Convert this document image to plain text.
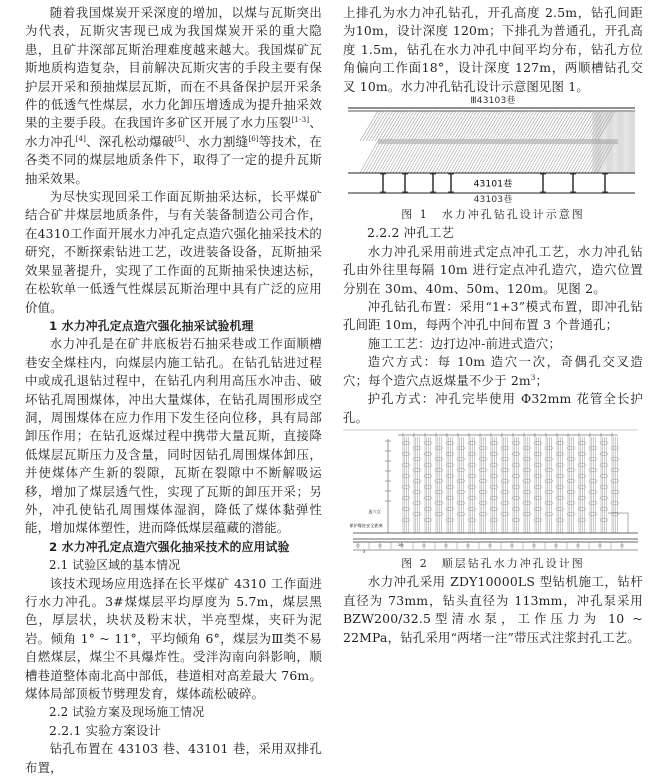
随着我国煤炭开采深度的增加，以煤与瓦斯突出为代表，瓦斯灾害现已成为我国煤炭开采的重大隐患，且矿井深部瓦斯治理难度越来越大。我国煤矿瓦斯地质构造复杂，目前解决瓦斯灾害的手段主要有保护层开采和预抽煤层瓦斯，而在不具备保护层开采条件的低透气性煤层，水力化卸压增透成为提升抽采效果的主要手段。在我国许多矿区开展了水力压裂[1-3]、水力冲孔[4]、深孔松动爆破[5]、水力割缝[6]等技术，在各类不同的煤层地质条件下，取得了一定的提升瓦斯抽采效果。

为尽快实现回采工作面瓦斯抽采达标，长平煤矿结合矿井煤层地质条件，与有关装备制造公司合作，在4310工作面开展水力冲孔定点造穴强化抽采技术的研究，不断探索钻进工艺，改进装备设备，瓦斯抽采效果显著提升，实现了工作面的瓦斯抽采快速达标，在松软单一低透气性煤层瓦斯治理中具有广泛的应用价值。

1 水力冲孔定点造穴强化抽采试验机理

水力冲孔是在矿井底板岩石抽采巷或工作面顺槽巷安全煤柱内，向煤层内施工钻孔。在钻孔钻进过程中或成孔退钻过程中，在钻孔内利用高压水冲击、破坏钻孔周围煤体，冲出大量煤体，在钻孔周围形成空洞，周围煤体在应力作用下发生径向位移，具有局部卸压作用；在钻孔返煤过程中携带大量瓦斯，直接降低煤层瓦斯压力及含量，同时因钻孔周围煤体卸压，并使煤体产生新的裂隙，瓦斯在裂隙中不断解吸运移，增加了煤层透气性，实现了瓦斯的卸压开采；另外，冲孔使钻孔周围煤体湿润，降低了煤体黏弹性能，增加煤体塑性，进而降低煤层蕴藏的潜能。

2 水力冲孔定点造穴强化抽采技术的应用试验

2.1 试验区域的基本情况

该技术现场应用选择在长平煤矿 4310 工作面进行水力冲孔。3#煤煤层平均厚度为 5.7m，煤层黑色，厚层状，块状及粉末状，半亮型煤，夹矸为泥岩。倾角 1° ~ 11°，平均倾角 6°，煤层为Ⅲ类不易自燃煤层，煤尘不具爆炸性。受泮沟南向斜影响，顺槽巷道整体南北高中部低，巷道相对高差最大 76m。煤体局部顶板节劈理发育，煤体疏松破碎。

2.2 试验方案及现场施工情况

2.2.1 实验方案设计

钻孔布置在 43103 巷、43101 巷，采用双排孔布置，

上排孔为水力冲孔钻孔，开孔高度 2.5m，钻孔间距为10m，设计深度 120m；下排孔为普通孔，开孔高度 1.5m，钻孔在水力冲孔中间平均分布，钻孔方位角偏向工作面18°，设计深度 127m，两顺槽钻孔交叉 10m。水力冲孔钻孔设计示意图见图 1。

Ⅲ43103巷
43101巷
43103巷
图 1　水力冲孔钻孔设计示意图

2.2.2 冲孔工艺

水力冲孔采用前进式定点冲孔工艺，水力冲孔钻孔由外往里每隔 10m 进行定点冲孔造穴，造穴位置分别在 30m、40m、50m、120m。见图 2。

冲孔钻孔布置：采用“1+3”模式布置，即冲孔钻孔间距 10m，每两个冲孔中间布置 3 个普通孔；

施工工艺：边打边冲-前进式造穴；

造穴方式：每 10m 造穴一次，奇偶孔交叉造穴；每个造穴点返煤量不少于 $2m^3$；

护孔方式：冲孔完毕使用 Φ32mm 花管全长护孔。

造穴点
保护煤柱安全距离
10
3
图 2　顺层钻孔水力冲孔设计图

水力冲孔采用 ZDY10000LS 型钻机施工，钻杆直径为 73mm，钻头直径为 113mm，冲孔泵采用 BZW200/32.5型清水泵，工作压力为 10 ~ 22MPa，钻孔采用“两堵一注”带压式注浆封孔工艺。
